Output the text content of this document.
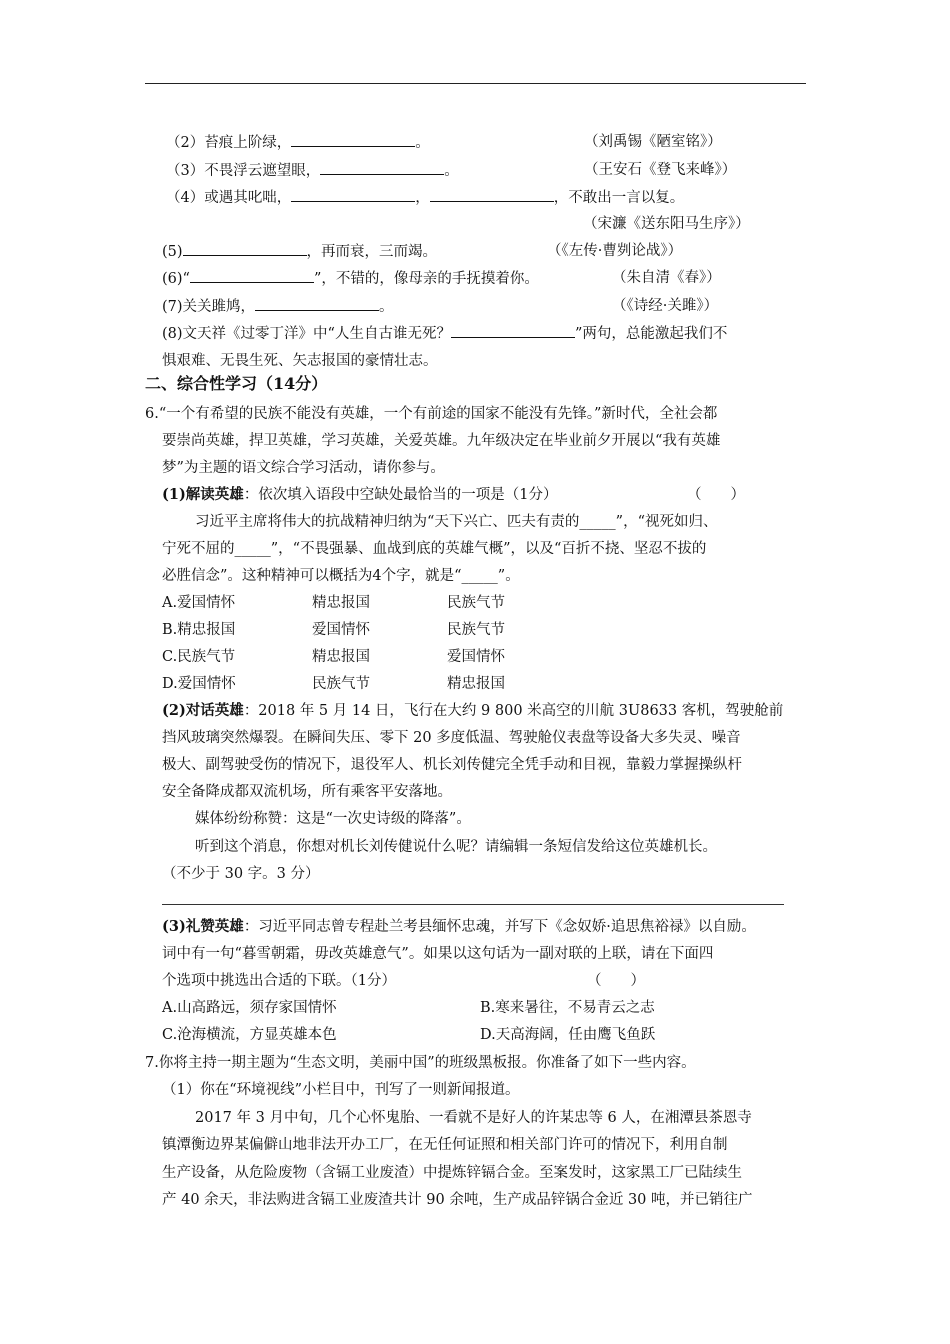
（2）苔痕上阶绿，	。	（刘禹锡《陋室铭》）
（3）不畏浮云遮望眼，	。	（王安石《登飞来峰》）
（4）或遇其叱咄，	，	，不敢出一言以复。
（宋濂《送东阳马生序》）
(5)	，再而衰，三而竭。	（《左传·曹刿论战》）
(6)“	”，不错的，像母亲的手抚摸着你。	（朱自清《春》）
(7)关关雎鸠，	。	（《诗经·关雎》）
(8)文天祥《过零丁洋》中“人生自古谁无死？	”两句，总能激起我们不
惧艰难、无畏生死、矢志报国的豪情壮志。
二、综合性学习（14分）
6.“一个有希望的民族不能没有英雄，一个有前途的国家不能没有先锋。”新时代，全社会都
要崇尚英雄，捍卫英雄，学习英雄，关爱英雄。九年级决定在毕业前夕开展以“我有英雄
梦”为主题的语文综合学习活动，请你参与。
(1)解读英雄：依次填入语段中空缺处最恰当的一项是（1分）	（　　）
习近平主席将伟大的抗战精神归纳为“天下兴亡、匹夫有责的_____”，“视死如归、
宁死不屈的_____”，“不畏强暴、血战到底的英雄气概”，以及“百折不挠、坚忍不拔的
必胜信念”。这种精神可以概括为4个字，就是“_____”。
A.爱国情怀	精忠报国	民族气节
B.精忠报国	爱国情怀	民族气节
C.民族气节	精忠报国	爱国情怀
D.爱国情怀	民族气节	精忠报国
(2)对话英雄：2018 年 5 月 14 日，飞行在大约 9 800 米高空的川航 3U8633 客机，驾驶舱前
挡风玻璃突然爆裂。在瞬间失压、零下 20 多度低温、驾驶舱仪表盘等设备大多失灵、噪音
极大、副驾驶受伤的情况下，退役军人、机长刘传健完全凭手动和目视，靠毅力掌握操纵杆
安全备降成都双流机场，所有乘客平安落地。
媒体纷纷称赞：这是“一次史诗级的降落”。
听到这个消息，你想对机长刘传健说什么呢？请编辑一条短信发给这位英雄机长。
（不少于 30 字。3 分）
(3)礼赞英雄：习近平同志曾专程赴兰考县缅怀忠魂，并写下《念奴娇·追思焦裕禄》以自励。
词中有一句“暮雪朝霜，毋改英雄意气”。如果以这句话为一副对联的上联，请在下面四
个选项中挑选出合适的下联。（1分）	（　　）
A.山高路远，须存家国情怀	B.寒来暑往，不易青云之志
C.沧海横流，方显英雄本色	D.天高海阔，任由鹰飞鱼跃
7.你将主持一期主题为“生态文明，美丽中国”的班级黑板报。你准备了如下一些内容。
（1）你在“环境视线”小栏目中，刊写了一则新闻报道。
2017 年 3 月中旬，几个心怀鬼胎、一看就不是好人的许某忠等 6 人，在湘潭县茶恩寺
镇潭衡边界某偏僻山地非法开办工厂，在无任何证照和相关部门许可的情况下，利用自制
生产设备，从危险废物（含镉工业废渣）中提炼锌镉合金。至案发时，这家黑工厂已陆续生
产 40 余天，非法购进含镉工业废渣共计 90 余吨，生产成品锌锅合金近 30 吨，并已销往广
